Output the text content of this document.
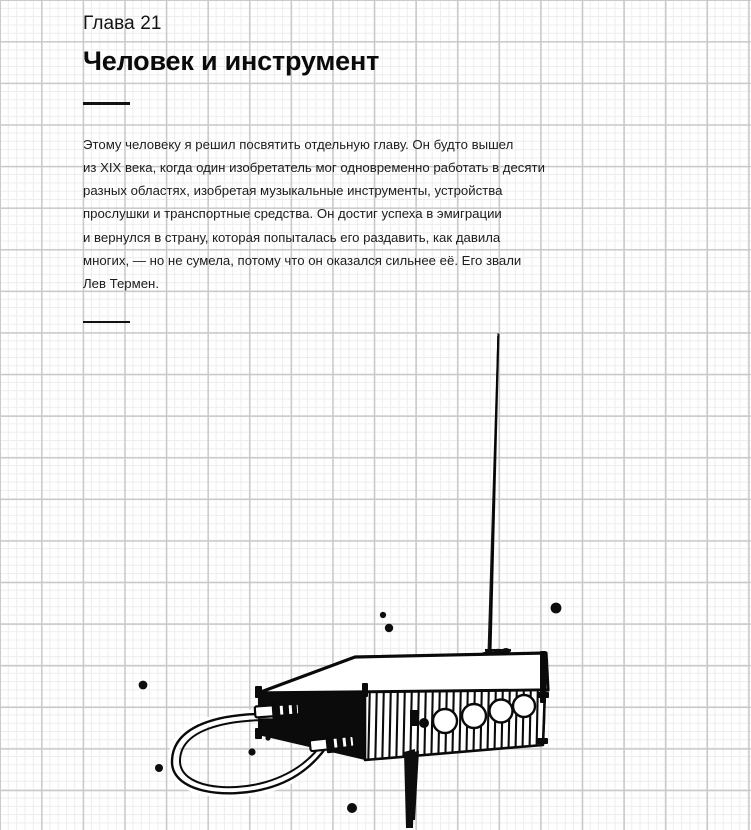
Глава 21
Человек и инструмент
Этому человеку я решил посвятить отдельную главу. Он будто вышел
из XIX века, когда один изобретатель мог одновременно работать в десяти
разных областях, изобретая музыкальные инструменты, устройства
прослушки и транспортные средства. Он достиг успеха в эмиграции
и вернулся в страну, которая попыталась его раздавить, как давила
многих, — но не сумела, потому что он оказался сильнее её. Его звали
Лев Термен.
